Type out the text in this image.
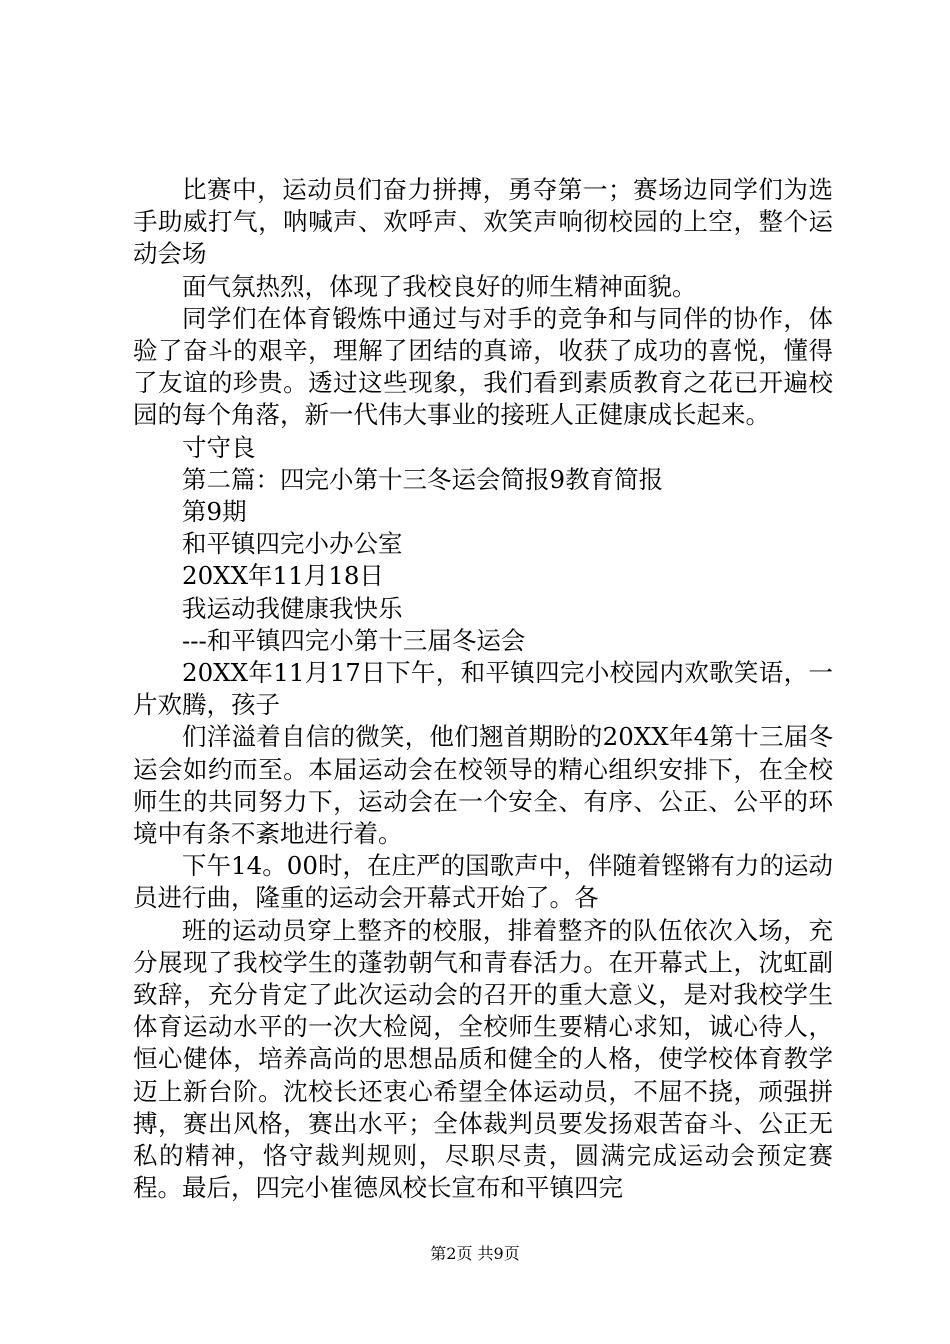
比赛中，运动员们奋力拼搏，勇夺第一；赛场边同学们为选手助威打气，呐喊声、欢呼声、欢笑声响彻校园的上空，整个运动会场

面气氛热烈，体现了我校良好的师生精神面貌。

同学们在体育锻炼中通过与对手的竞争和与同伴的协作，体验了奋斗的艰辛，理解了团结的真谛，收获了成功的喜悦，懂得了友谊的珍贵。透过这些现象，我们看到素质教育之花已开遍校园的每个角落，新一代伟大事业的接班人正健康成长起来。

寸守良

第二篇：四完小第十三冬运会简报9教育简报

第9期

和平镇四完小办公室

20XX年11月18日

我运动我健康我快乐

---和平镇四完小第十三届冬运会

20XX年11月17日下午，和平镇四完小校园内欢歌笑语，一片欢腾，孩子

们洋溢着自信的微笑，他们翘首期盼的20XX年4第十三届冬运会如约而至。本届运动会在校领导的精心组织安排下，在全校师生的共同努力下，运动会在一个安全、有序、公正、公平的环境中有条不紊地进行着。

下午14。00时，在庄严的国歌声中，伴随着铿锵有力的运动员进行曲，隆重的运动会开幕式开始了。各

班的运动员穿上整齐的校服，排着整齐的队伍依次入场，充分展现了我校学生的蓬勃朝气和青春活力。在开幕式上，沈虹副致辞，充分肯定了此次运动会的召开的重大意义，是对我校学生体育运动水平的一次大检阅，全校师生要精心求知，诚心待人，恒心健体，培养高尚的思想品质和健全的人格，使学校体育教学迈上新台阶。沈校长还衷心希望全体运动员，不屈不挠，顽强拼搏，赛出风格，赛出水平；全体裁判员要发扬艰苦奋斗、公正无私的精神，恪守裁判规则，尽职尽责，圆满完成运动会预定赛程。最后，四完小崔德凤校长宣布和平镇四完

第2页 共9页
